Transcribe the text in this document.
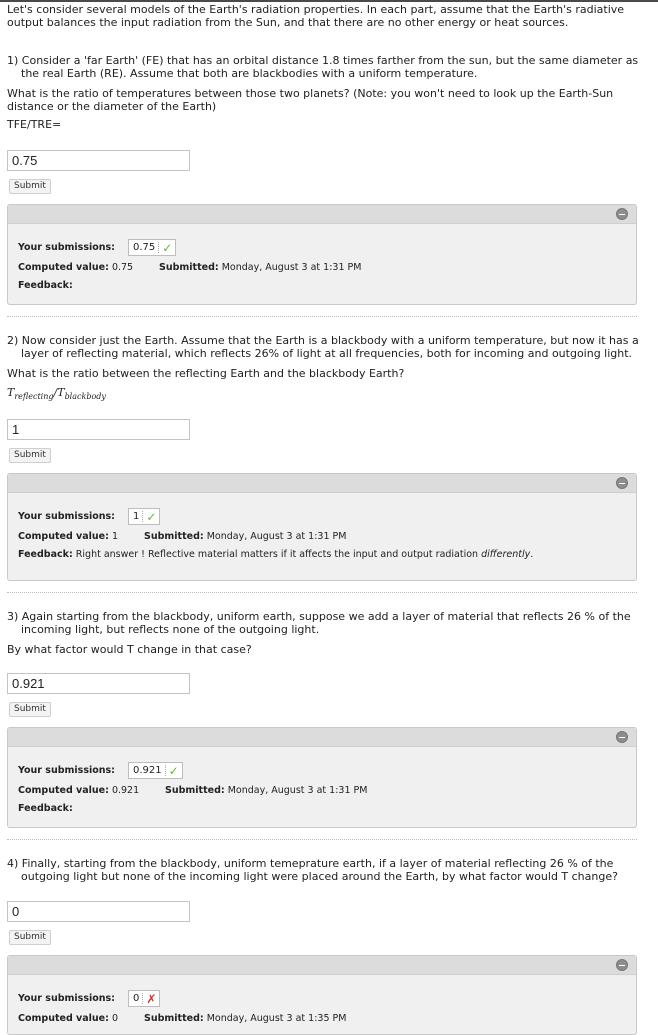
Let's consider several models of the Earth's radiation properties. In each part, assume that the Earth's radiative output balances the input radiation from the Sun, and that there are no other energy or heat sources.
1) Consider a 'far Earth' (FE) that has an orbital distance 1.8 times farther from the sun, but the same diameter as the real Earth (RE). Assume that both are blackbodies with a uniform temperature.
What is the ratio of temperatures between those two planets? (Note: you won't need to look up the Earth-Sun distance or the diameter of the Earth)
TFE/TRE=
0.75
Submit
Your submissions: 0.75 ✓
Computed value: 0.75	Submitted: Monday, August 3 at 1:31 PM
Feedback:
2) Now consider just the Earth. Assume that the Earth is a blackbody with a uniform temperature, but now it has a layer of reflecting material, which reflects 26% of light at all frequencies, both for incoming and outgoing light.
What is the ratio between the reflecting Earth and the blackbody Earth?
$T_{reflecting}/T_{blackbody}$
1
Submit
Your submissions: 1 ✓
Computed value: 1	Submitted: Monday, August 3 at 1:31 PM
Feedback: Right answer ! Reflective material matters if it affects the input and output radiation differently.
3) Again starting from the blackbody, uniform earth, suppose we add a layer of material that reflects 26 % of the incoming light, but reflects none of the outgoing light.
By what factor would T change in that case?
0.921
Submit
Your submissions: 0.921 ✓
Computed value: 0.921	Submitted: Monday, August 3 at 1:31 PM
Feedback:
4) Finally, starting from the blackbody, uniform temeprature earth, if a layer of material reflecting 26 % of the outgoing light but none of the incoming light were placed around the Earth, by what factor would T change?
0
Submit
Your submissions: 0 ✗
Computed value: 0	Submitted: Monday, August 3 at 1:35 PM
